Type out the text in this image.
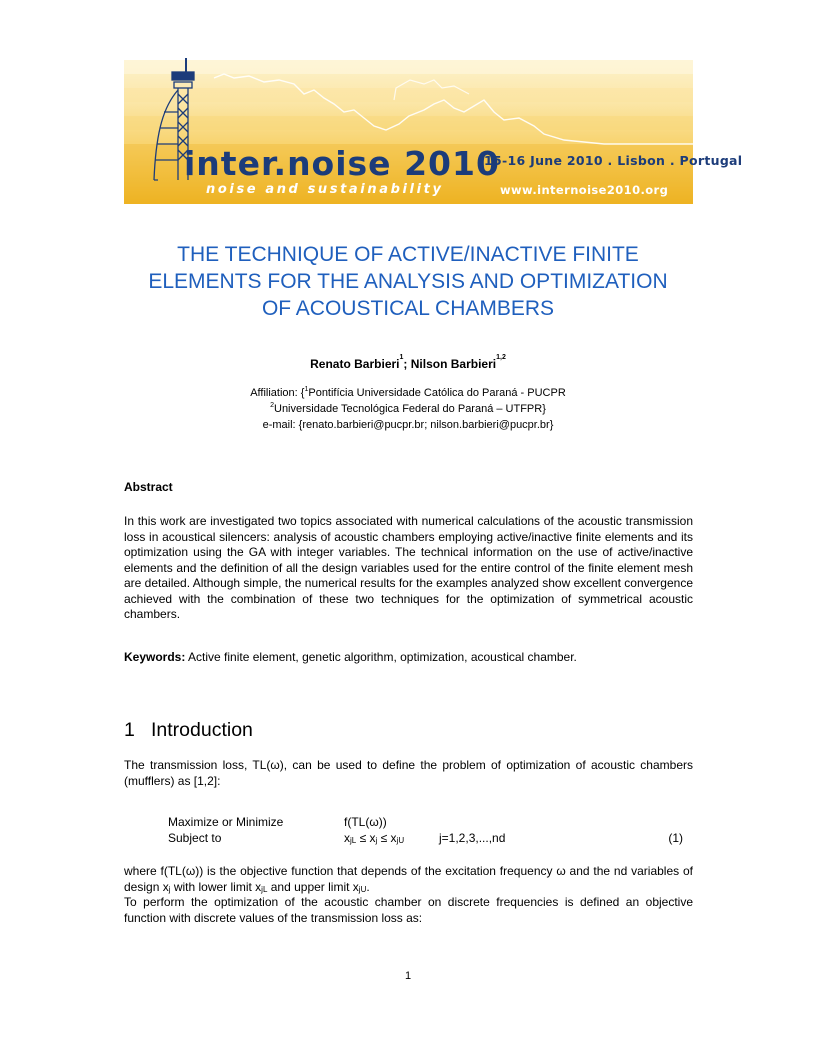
inter.noise 2010
15-16 June 2010 . Lisbon . Portugal
noise and sustainability	www.internoise2010.org
THE TECHNIQUE OF ACTIVE/INACTIVE FINITE
ELEMENTS FOR THE ANALYSIS AND OPTIMIZATION
OF ACOUSTICAL CHAMBERS
Renato Barbieri$^1$; Nilson Barbieri$^{1,2}$
Affiliation: {$^1$Pontifícia Universidade Católica do Paraná - PUCPR
$^2$Universidade Tecnológica Federal do Paraná – UTFPR}
e-mail: {renato.barbieri@pucpr.br; nilson.barbieri@pucpr.br}
Abstract
In this work are investigated two topics associated with numerical calculations of the acoustic transmission loss in acoustical silencers: analysis of acoustic chambers employing active/inactive finite elements and its optimization using the GA with integer variables. The technical information on the use of active/inactive elements and the definition of all the design variables used for the entire control of the finite element mesh are detailed. Although simple, the numerical results for the examples analyzed show excellent convergence achieved with the combination of these two techniques for the optimization of symmetrical acoustic chambers.
Keywords: Active finite element, genetic algorithm, optimization, acoustical chamber.
1 Introduction
The transmission loss, TL(ω), can be used to define the problem of optimization of acoustic chambers (mufflers) as [1,2]:
Maximize or Minimize	f(TL(ω))
Subject to	$x_{jL} \le x_j \le x_{jU}$	j=1,2,3,...,nd	(1)
where f(TL(ω)) is the objective function that depends of the excitation frequency ω and the nd variables of design $x_j$ with lower limit $x_{jL}$ and upper limit $x_{jU}$.
To perform the optimization of the acoustic chamber on discrete frequencies is defined an objective function with discrete values of the transmission loss as:
1
